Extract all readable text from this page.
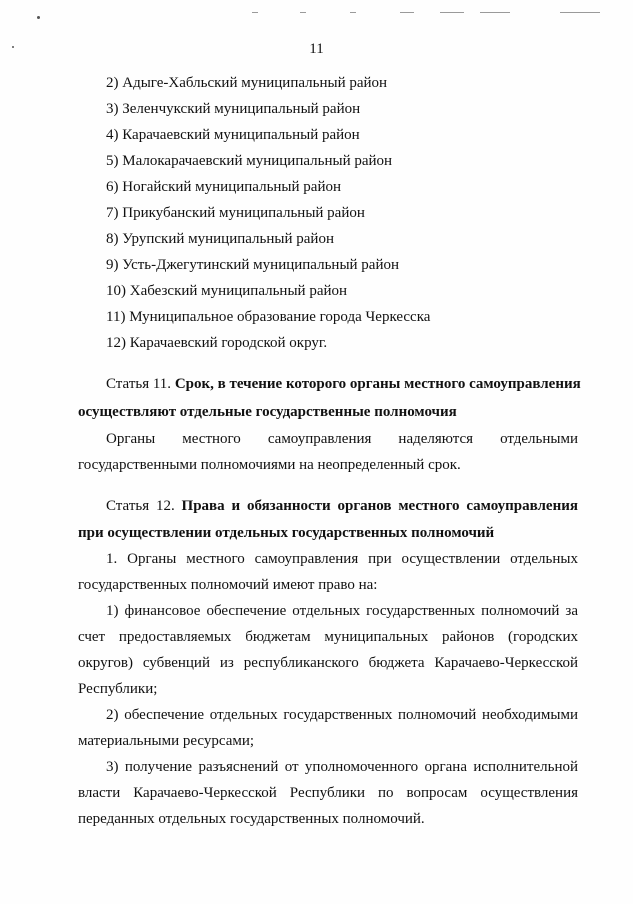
11
2) Адыге-Хабльский муниципальный район
3) Зеленчукский муниципальный район
4) Карачаевский муниципальный район
5) Малокарачаевский муниципальный район
6) Ногайский муниципальный район
7) Прикубанский муниципальный район
8) Урупский муниципальный район
9) Усть-Джегутинский муниципальный район
10) Хабезский муниципальный район
11) Муниципальное образование города Черкесска
12) Карачаевский городской округ.
Статья 11. Срок, в течение которого органы местного самоуправления
осуществляют отдельные государственные полномочия
Органы местного самоуправления наделяются отдельными
государственными полномочиями на неопределенный срок.
Статья 12. Права и обязанности органов местного самоуправления
при осуществлении отдельных государственных полномочий
1. Органы местного самоуправления при осуществлении отдельных
государственных полномочий имеют право на:
1) финансовое обеспечение отдельных государственных полномочий за
счет предоставляемых бюджетам муниципальных районов (городских
округов) субвенций из республиканского бюджета Карачаево-Черкесской
Республики;
2) обеспечение отдельных государственных полномочий необходимыми
материальными ресурсами;
3) получение разъяснений от уполномоченного органа исполнительной
власти Карачаево-Черкесской Республики по вопросам осуществления
переданных отдельных государственных полномочий.
